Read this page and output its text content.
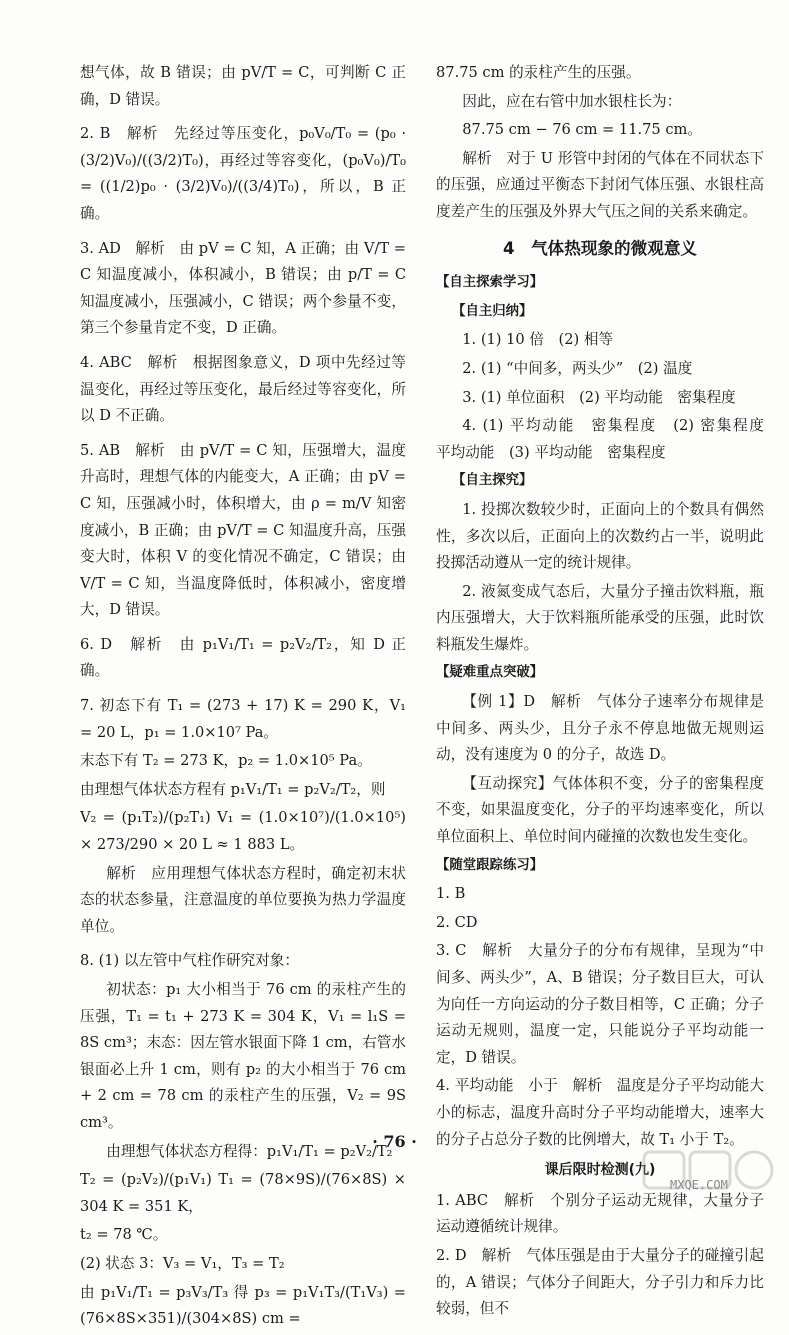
想气体，故 B 错误；由 pV/T = C，可判断 C 正确，D 错误。

2. B　解析　先经过等压变化，p₀V₀/T₀ = (p₀ · (3/2)V₀)/((3/2)T₀)，再经过等容变化，(p₀V₀)/T₀ = ((1/2)p₀ · (3/2)V₀)/((3/4)T₀)，所以，B 正确。

3. AD　解析　由 pV = C 知，A 正确；由 V/T = C 知温度减小，体积减小，B 错误；由 p/T = C 知温度减小，压强减小，C 错误；两个参量不变，第三个参量肯定不变，D 正确。

4. ABC　解析　根据图象意义，D 项中先经过等温变化，再经过等压变化，最后经过等容变化，所以 D 不正确。

5. AB　解析　由 pV/T = C 知，压强增大，温度升高时，理想气体的内能变大，A 正确；由 pV = C 知，压强减小时，体积增大，由 ρ = m/V 知密度减小，B 正确；由 pV/T = C 知温度升高，压强变大时，体积 V 的变化情况不确定，C 错误；由 V/T = C 知，当温度降低时，体积减小，密度增大，D 错误。

6. D　解析　由 p₁V₁/T₁ = p₂V₂/T₂，知 D 正确。

7. 初态下有 T₁ = (273 + 17) K = 290 K，V₁ = 20 L，p₁ = 1.0×10⁷ Pa。

末态下有 T₂ = 273 K，p₂ = 1.0×10⁵ Pa。

由理想气体状态方程有 p₁V₁/T₁ = p₂V₂/T₂，则

V₂ = (p₁T₂)/(p₂T₁) V₁ = (1.0×10⁷)/(1.0×10⁵) × 273/290 × 20 L ≈ 1 883 L。

解析　应用理想气体状态方程时，确定初末状态的状态参量，注意温度的单位要换为热力学温度单位。

8. (1) 以左管中气柱作研究对象：

初状态：p₁ 大小相当于 76 cm 的汞柱产生的压强，T₁ = t₁ + 273 K = 304 K，V₁ = l₁S = 8S cm³；末态：因左管水银面下降 1 cm，右管水银面必上升 1 cm，则有 p₂ 的大小相当于 76 cm + 2 cm = 78 cm 的汞柱产生的压强，V₂ = 9S cm³。

由理想气体状态方程得：p₁V₁/T₁ = p₂V₂/T₂

T₂ = (p₂V₂)/(p₁V₁) T₁ = (78×9S)/(76×8S) × 304 K = 351 K，

t₂ = 78 ℃。

(2) 状态 3：V₃ = V₁，T₃ = T₂

由 p₁V₁/T₁ = p₃V₃/T₃ 得 p₃ = p₁V₁T₃/(T₁V₃) = (76×8S×351)/(304×8S) cm =

87.75 cm 的汞柱产生的压强。

因此，应在右管中加水银柱长为：

87.75 cm − 76 cm = 11.75 cm。

解析　对于 U 形管中封闭的气体在不同状态下的压强，应通过平衡态下封闭气体压强、水银柱高度差产生的压强及外界大气压之间的关系来确定。

4　气体热现象的微观意义
【自主探索学习】
【自主归纳】

1. (1) 10 倍　(2) 相等

2. (1) “中间多，两头少”　(2) 温度

3. (1) 单位面积　(2) 平均动能　密集程度

4. (1) 平均动能　密集程度　(2) 密集程度　平均动能　(3) 平均动能　密集程度

【自主探究】

1. 投掷次数较少时，正面向上的个数具有偶然性，多次以后，正面向上的次数约占一半，说明此投掷活动遵从一定的统计规律。

2. 液氮变成气态后，大量分子撞击饮料瓶，瓶内压强增大，大于饮料瓶所能承受的压强，此时饮料瓶发生爆炸。

【疑难重点突破】

【例 1】D　解析　气体分子速率分布规律是中间多、两头少，且分子永不停息地做无规则运动，没有速度为 0 的分子，故选 D。

【互动探究】气体体积不变，分子的密集程度不变，如果温度变化，分子的平均速率变化，所以单位面积上、单位时间内碰撞的次数也发生变化。

【随堂跟踪练习】

1. B

2. CD

3. C　解析　大量分子的分布有规律，呈现为“中间多、两头少”，A、B 错误；分子数目巨大，可认为向任一方向运动的分子数目相等，C 正确；分子运动无规则，温度一定，只能说分子平均动能一定，D 错误。

4. 平均动能　小于　解析　温度是分子平均动能大小的标志，温度升高时分子平均动能增大，速率大的分子占总分子数的比例增大，故 T₁ 小于 T₂。

课后限时检测(九)

1. ABC　解析　个别分子运动无规律，大量分子运动遵循统计规律。

2. D　解析　气体压强是由于大量分子的碰撞引起的，A 错误；气体分子间距大，分子引力和斥力比较弱，但不

· 76 ·
MXQE.COM
